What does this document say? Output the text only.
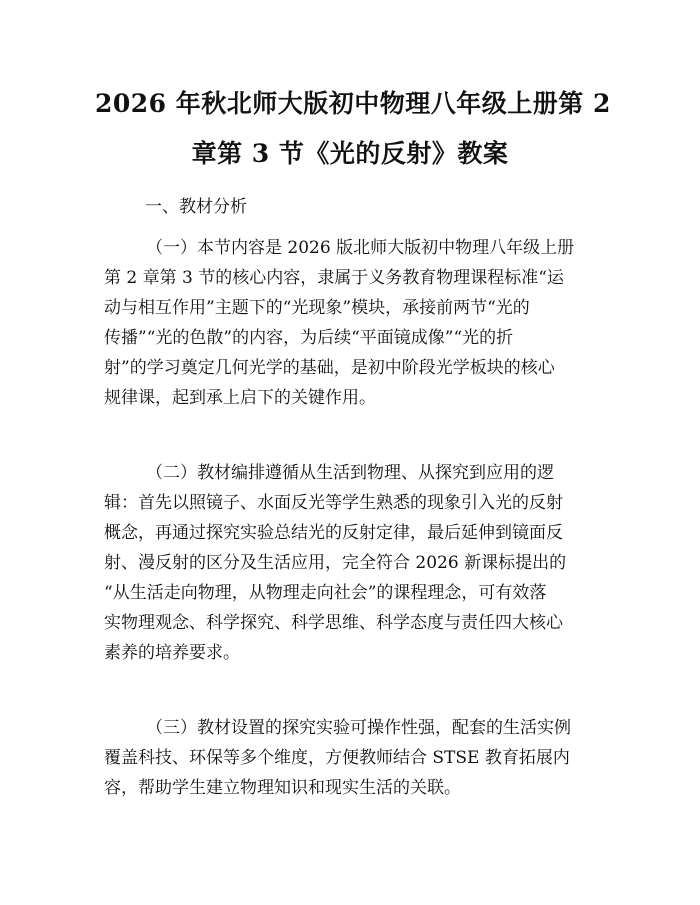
2026 年秋北师大版初中物理八年级上册第 2
章第 3 节《光的反射》教案
一、教材分析
（一）本节内容是 2026 版北师大版初中物理八年级上册
第 2 章第 3 节的核心内容，隶属于义务教育物理课程标准“运
动与相互作用”主题下的“光现象”模块，承接前两节“光的
传播”“光的色散”的内容，为后续“平面镜成像”“光的折
射”的学习奠定几何光学的基础，是初中阶段光学板块的核心
规律课，起到承上启下的关键作用。
（二）教材编排遵循从生活到物理、从探究到应用的逻
辑：首先以照镜子、水面反光等学生熟悉的现象引入光的反射
概念，再通过探究实验总结光的反射定律，最后延伸到镜面反
射、漫反射的区分及生活应用，完全符合 2026 新课标提出的
“从生活走向物理，从物理走向社会”的课程理念，可有效落
实物理观念、科学探究、科学思维、科学态度与责任四大核心
素养的培养要求。
（三）教材设置的探究实验可操作性强，配套的生活实例
覆盖科技、环保等多个维度，方便教师结合 STSE 教育拓展内
容，帮助学生建立物理知识和现实生活的关联。
